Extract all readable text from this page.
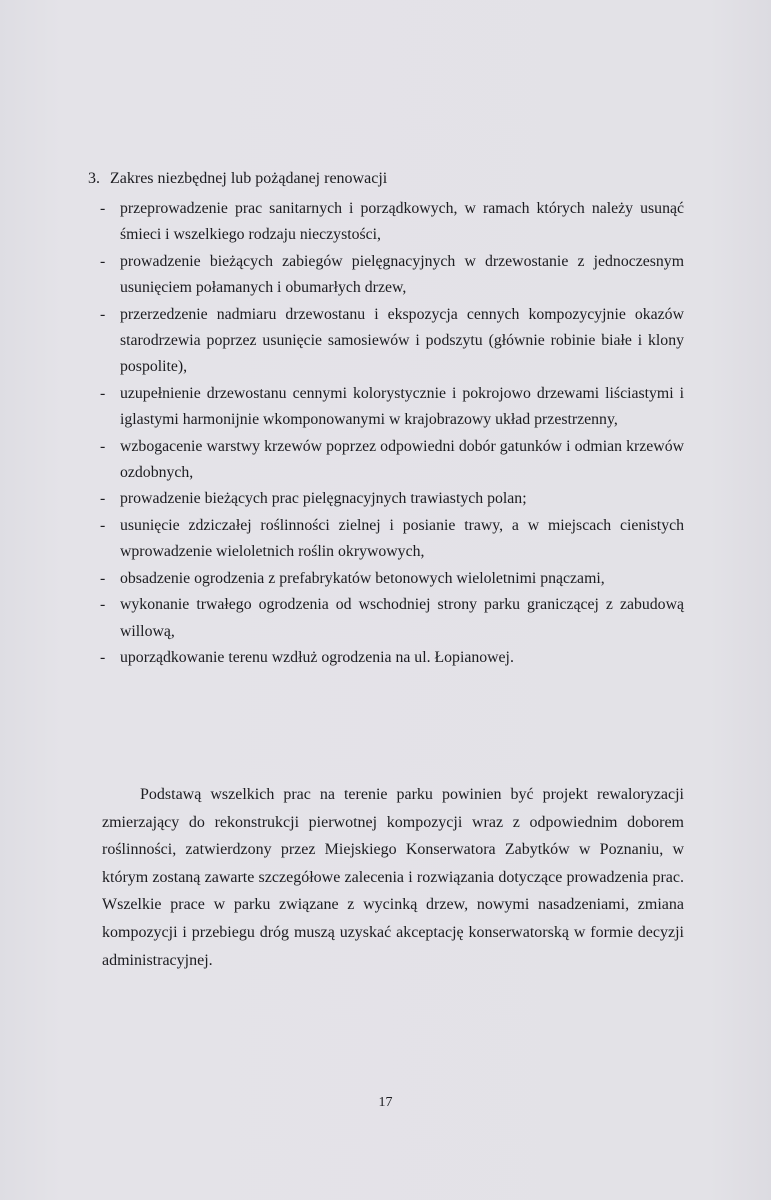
3. Zakres niezbędnej lub pożądanej renowacji
- przeprowadzenie prac sanitarnych i porządkowych, w ramach których należy usunąć śmieci i wszelkiego rodzaju nieczystości,
- prowadzenie bieżących zabiegów pielęgnacyjnych w drzewostanie z jednoczesnym usunięciem połamanych i obumarłych drzew,
- przerzedzenie nadmiaru drzewostanu i ekspozycja cennych kompozycyjnie okazów starodrzewia poprzez usunięcie samosiewów i podszytu (głównie robinie białe i klony pospolite),
- uzupełnienie drzewostanu cennymi kolorystycznie i pokrojowo drzewami liściastymi i iglastymi harmonijnie wkomponowanymi w krajobrazowy układ przestrzenny,
- wzbogacenie warstwy krzewów poprzez odpowiedni dobór gatunków i odmian krzewów ozdobnych,
- prowadzenie bieżących prac pielęgnacyjnych trawiastych polan;
- usunięcie zdziczałej roślinności zielnej i posianie trawy, a w miejscach cienistych wprowadzenie wieloletnich roślin okrywowych,
- obsadzenie ogrodzenia z prefabrykatów betonowych wieloletnimi pnączami,
- wykonanie trwałego ogrodzenia od wschodniej strony parku graniczącej z zabudową willową,
- uporządkowanie terenu wzdłuż ogrodzenia na ul. Łopianowej.

Podstawą wszelkich prac na terenie parku powinien być projekt rewaloryzacji zmierzający do rekonstrukcji pierwotnej kompozycji wraz z odpowiednim doborem roślinności, zatwierdzony przez Miejskiego Konserwatora Zabytków w Poznaniu, w którym zostaną zawarte szczegółowe zalecenia i rozwiązania dotyczące prowadzenia prac. Wszelkie prace w parku związane z wycinką drzew, nowymi nasadzeniami, zmiana kompozycji i przebiegu dróg muszą uzyskać akceptację konserwatorską w formie decyzji administracyjnej.

17
